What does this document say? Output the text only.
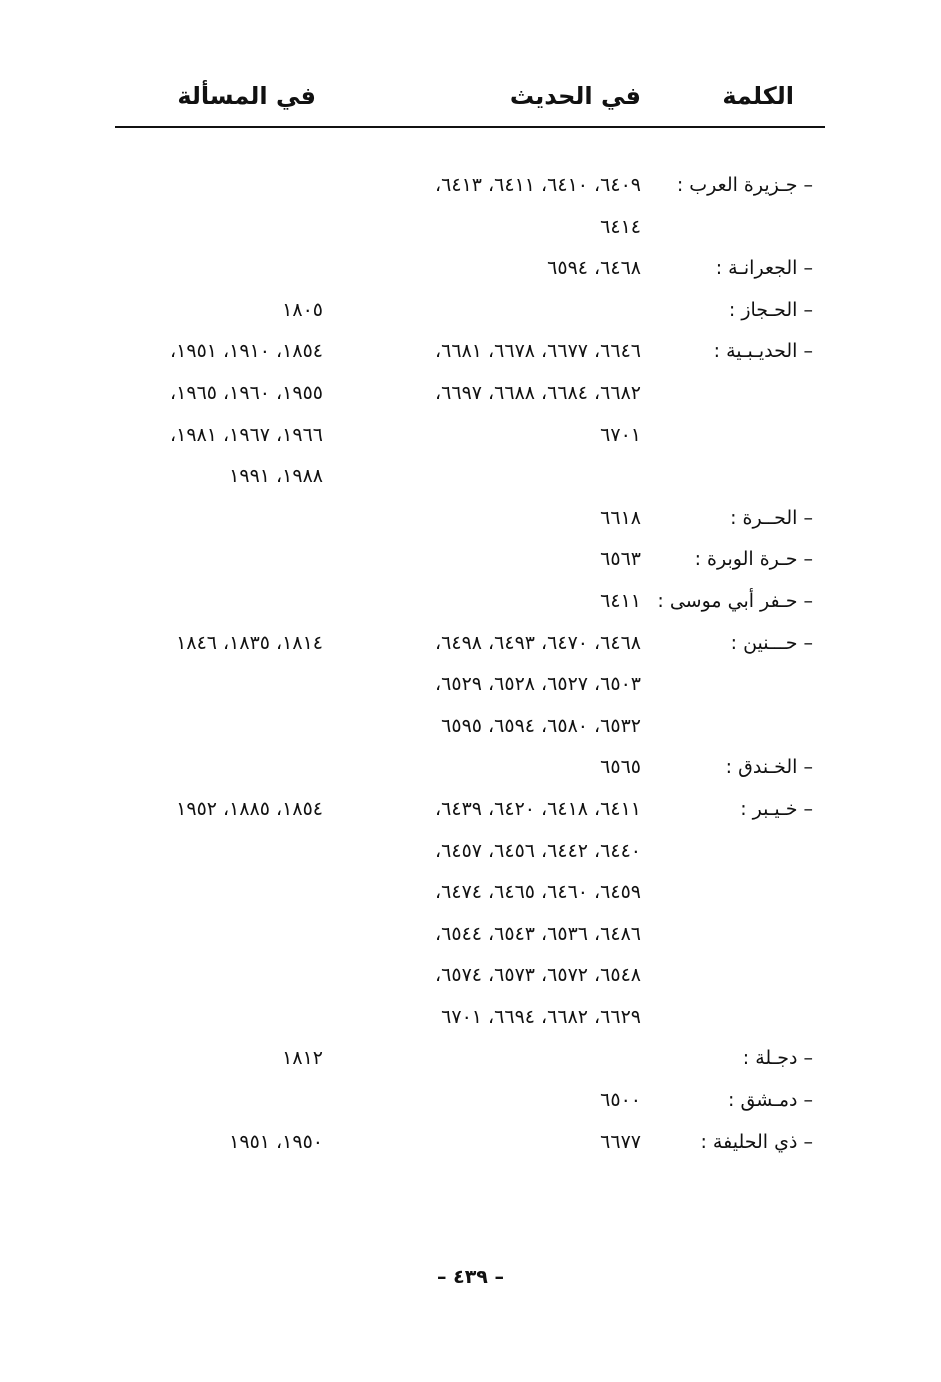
الكلمة
في الحديث
في المسألة
– جـزيرة العرب :
٦٤٠٩، ٦٤١٠، ٦٤١١، ٦٤١٣،
٦٤١٤
– الجعرانـة :
٦٤٦٨، ٦٥٩٤
– الحـجاز :
١٨٠٥
– الحديـبـية :
٦٦٤٦، ٦٦٧٧، ٦٦٧٨، ٦٦٨١،
١٨٥٤، ١٩١٠، ١٩٥١،
٦٦٨٢، ٦٦٨٤، ٦٦٨٨، ٦٦٩٧،
١٩٥٥، ١٩٦٠، ١٩٦٥،
٦٧٠١
١٩٦٦، ١٩٦٧، ١٩٨١،
١٩٨٨، ١٩٩١
– الحــرة :
٦٦١٨
– حـرة الوبرة :
٦٥٦٣
– حـفر أبي موسى :
٦٤١١
– حـــنين :
٦٤٦٨، ٦٤٧٠، ٦٤٩٣، ٦٤٩٨،
١٨١٤، ١٨٣٥، ١٨٤٦
٦٥٠٣، ٦٥٢٧، ٦٥٢٨، ٦٥٢٩،
٦٥٣٢، ٦٥٨٠، ٦٥٩٤، ٦٥٩٥
– الخـندق :
٦٥٦٥
– خـيـبر :
٦٤١١، ٦٤١٨، ٦٤٢٠، ٦٤٣٩،
١٨٥٤، ١٨٨٥، ١٩٥٢
٦٤٤٠، ٦٤٤٢، ٦٤٥٦، ٦٤٥٧،
٦٤٥٩، ٦٤٦٠، ٦٤٦٥، ٦٤٧٤،
٦٤٨٦، ٦٥٣٦، ٦٥٤٣، ٦٥٤٤،
٦٥٤٨، ٦٥٧٢، ٦٥٧٣، ٦٥٧٤،
٦٦٢٩، ٦٦٨٢، ٦٦٩٤، ٦٧٠١
– دجـلة :
١٨١٢
– دمـشق :
٦٥٠٠
– ذي الحليفة :
٦٦٧٧
١٩٥٠، ١٩٥١
– ٤٣٩ –
